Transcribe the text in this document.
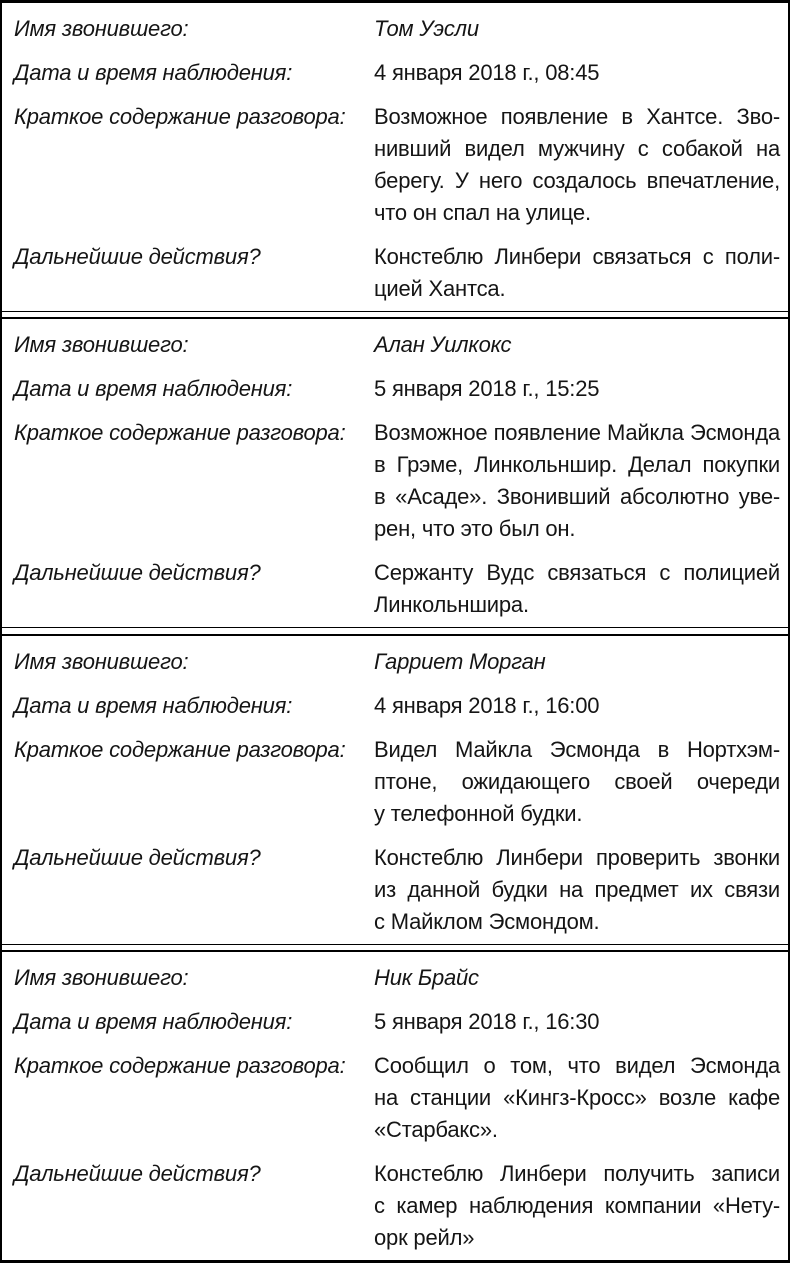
Имя звонившего:	Том Уэсли
Дата и время наблюдения:	4 января 2018 г., 08:45
Краткое содержание разговора:	Возможное появление в Хантсе. Зво-
нивший видел мужчину с собакой на
берегу. У него создалось впечатление,
что он спал на улице.
Дальнейшие действия?	Констеблю Линбери связаться с поли-
цией Хантса.
Имя звонившего:	Алан Уилкокс
Дата и время наблюдения:	5 января 2018 г., 15:25
Краткое содержание разговора:	Возможное появление Майкла Эсмонда
в Грэме, Линкольншир. Делал покупки
в «Асаде». Звонивший абсолютно уве-
рен, что это был он.
Дальнейшие действия?	Сержанту Вудс связаться с полицией
Линкольншира.
Имя звонившего:	Гарриет Морган
Дата и время наблюдения:	4 января 2018 г., 16:00
Краткое содержание разговора:	Видел Майкла Эсмонда в Нортхэм-
птоне, ожидающего своей очереди
у телефонной будки.
Дальнейшие действия?	Констеблю Линбери проверить звонки
из данной будки на предмет их связи
с Майклом Эсмондом.
Имя звонившего:	Ник Брайс
Дата и время наблюдения:	5 января 2018 г., 16:30
Краткое содержание разговора:	Сообщил о том, что видел Эсмонда
на станции «Кингз-Кросс» возле кафе
«Старбакс».
Дальнейшие действия?	Констеблю Линбери получить записи
с камер наблюдения компании «Нету-
орк рейл»
